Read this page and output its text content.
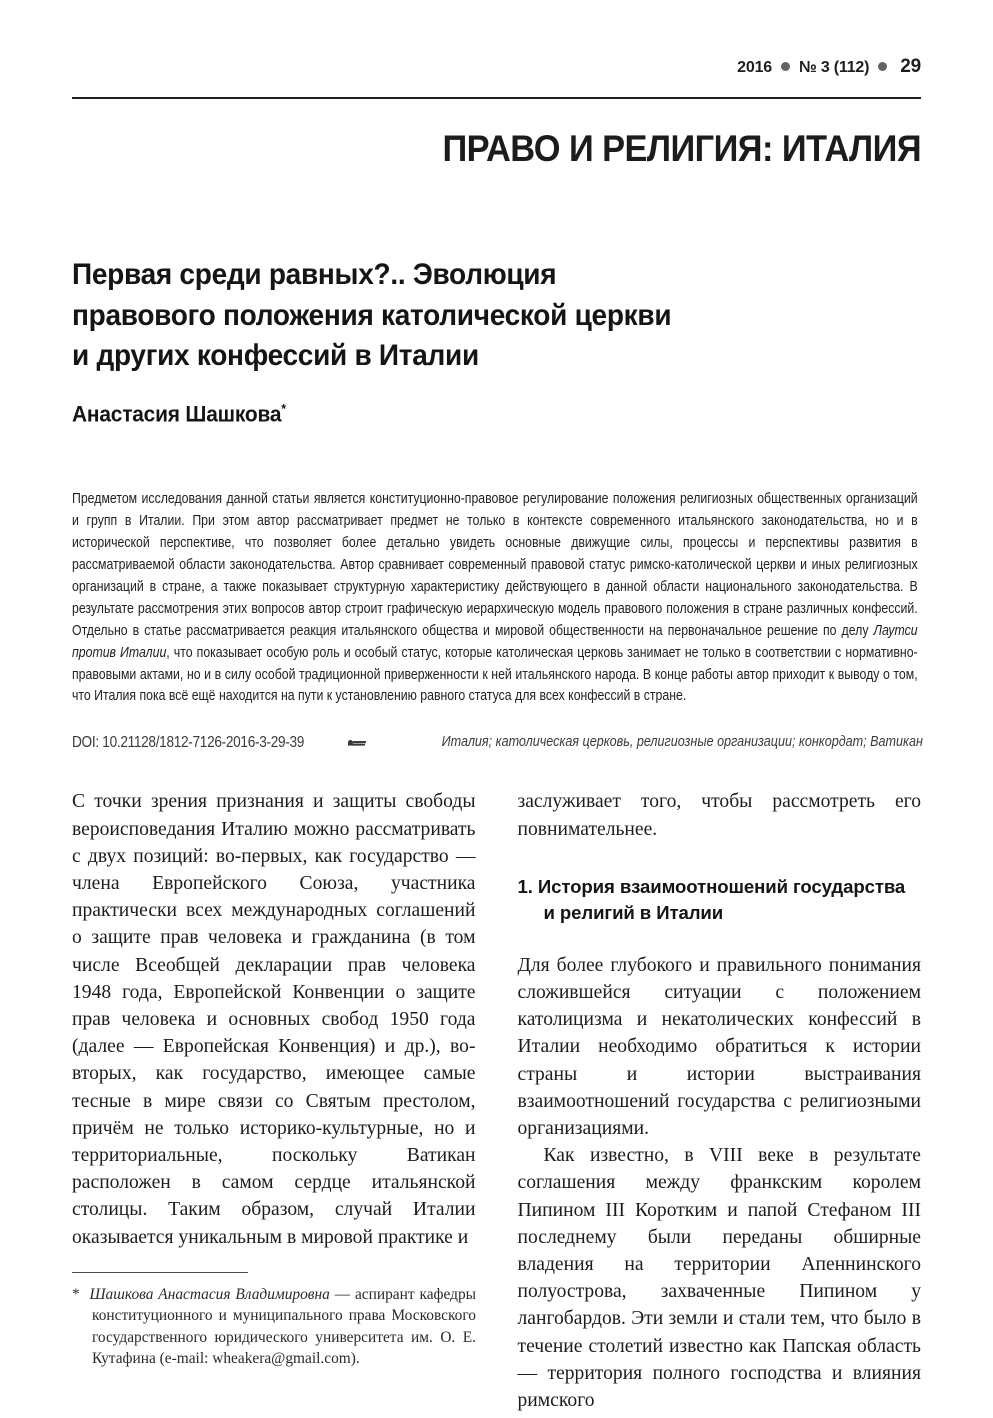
2016 № 3 (112) 29
ПРАВО И РЕЛИГИЯ: ИТАЛИЯ
Первая среди равных?.. Эволюция
правового положения католической церкви
и других конфессий в Италии
Анастасия Шашкова*
Предметом исследования данной статьи является конституционно-правовое регулирование положения религиозных общественных организаций и групп в Италии. При этом автор рассматривает предмет не только в контексте современного итальянского законодательства, но и в исторической перспективе, что позволяет более детально увидеть основные движущие силы, процессы и перспективы развития в рассматриваемой области законодательства. Автор сравнивает современный правовой статус римско-католической церкви и иных религиозных организаций в стране, а также показывает структурную характеристику действующего в данной области национального законодательства. В результате рассмотрения этих вопросов автор строит графическую иерархическую модель правового положения в стране различных конфессий. Отдельно в статье рассматривается реакция итальянского общества и мировой общественности на первоначальное решение по делу Лаутси против Италии, что показывает особую роль и особый статус, которые католическая церковь занимает не только в соответствии с нормативно-правовыми актами, но и в силу особой традиционной приверженности к ней итальянского народа. В конце работы автор приходит к выводу о том, что Италия пока всё ещё находится на пути к установлению равного статуса для всех конфессий в стране.
DOI: 10.21128/1812-7126-2016-3-29-39	Италия; католическая церковь, религиозные организации; конкордат; Ватикан

С точки зрения признания и защиты свободы вероисповедания Италию можно рассматривать с двух позиций: во-первых, как государство — члена Европейского Союза, участника практически всех международных соглашений о защите прав человека и гражданина (в том числе Всеобщей декларации прав человека 1948 года, Европейской Конвенции о защите прав человека и основных свобод 1950 года (далее — Европейская Конвенция) и др.), во-вторых, как государство, имеющее самые тесные в мире связи со Святым престолом, причём не только историко-культурные, но и территориальные, поскольку Ватикан расположен в самом сердце итальянской столицы. Таким образом, случай Италии оказывается уникальным в мировой практике и

заслуживает того, чтобы рассмотреть его повнимательнее.

1. История взаимоотношений государства и религий в Италии

Для более глубокого и правильного понимания сложившейся ситуации с положением католицизма и некатолических конфессий в Италии необходимо обратиться к истории страны и истории выстраивания взаимоотношений государства с религиозными организациями.

Как известно, в VIII веке в результате соглашения между франкским королем Пипином III Коротким и папой Стефаном III последнему были переданы обширные владения на территории Апеннинского полуострова, захваченные Пипином у лангобардов. Эти земли и стали тем, что было в течение столетий известно как Папская область — территория полного господства и влияния римского

* Шашкова Анастасия Владимировна — аспирант кафедры конституционного и муниципального права Московского государственного юридического университета им. О. Е. Кутафина (e-mail: wheakera@gmail.com).
